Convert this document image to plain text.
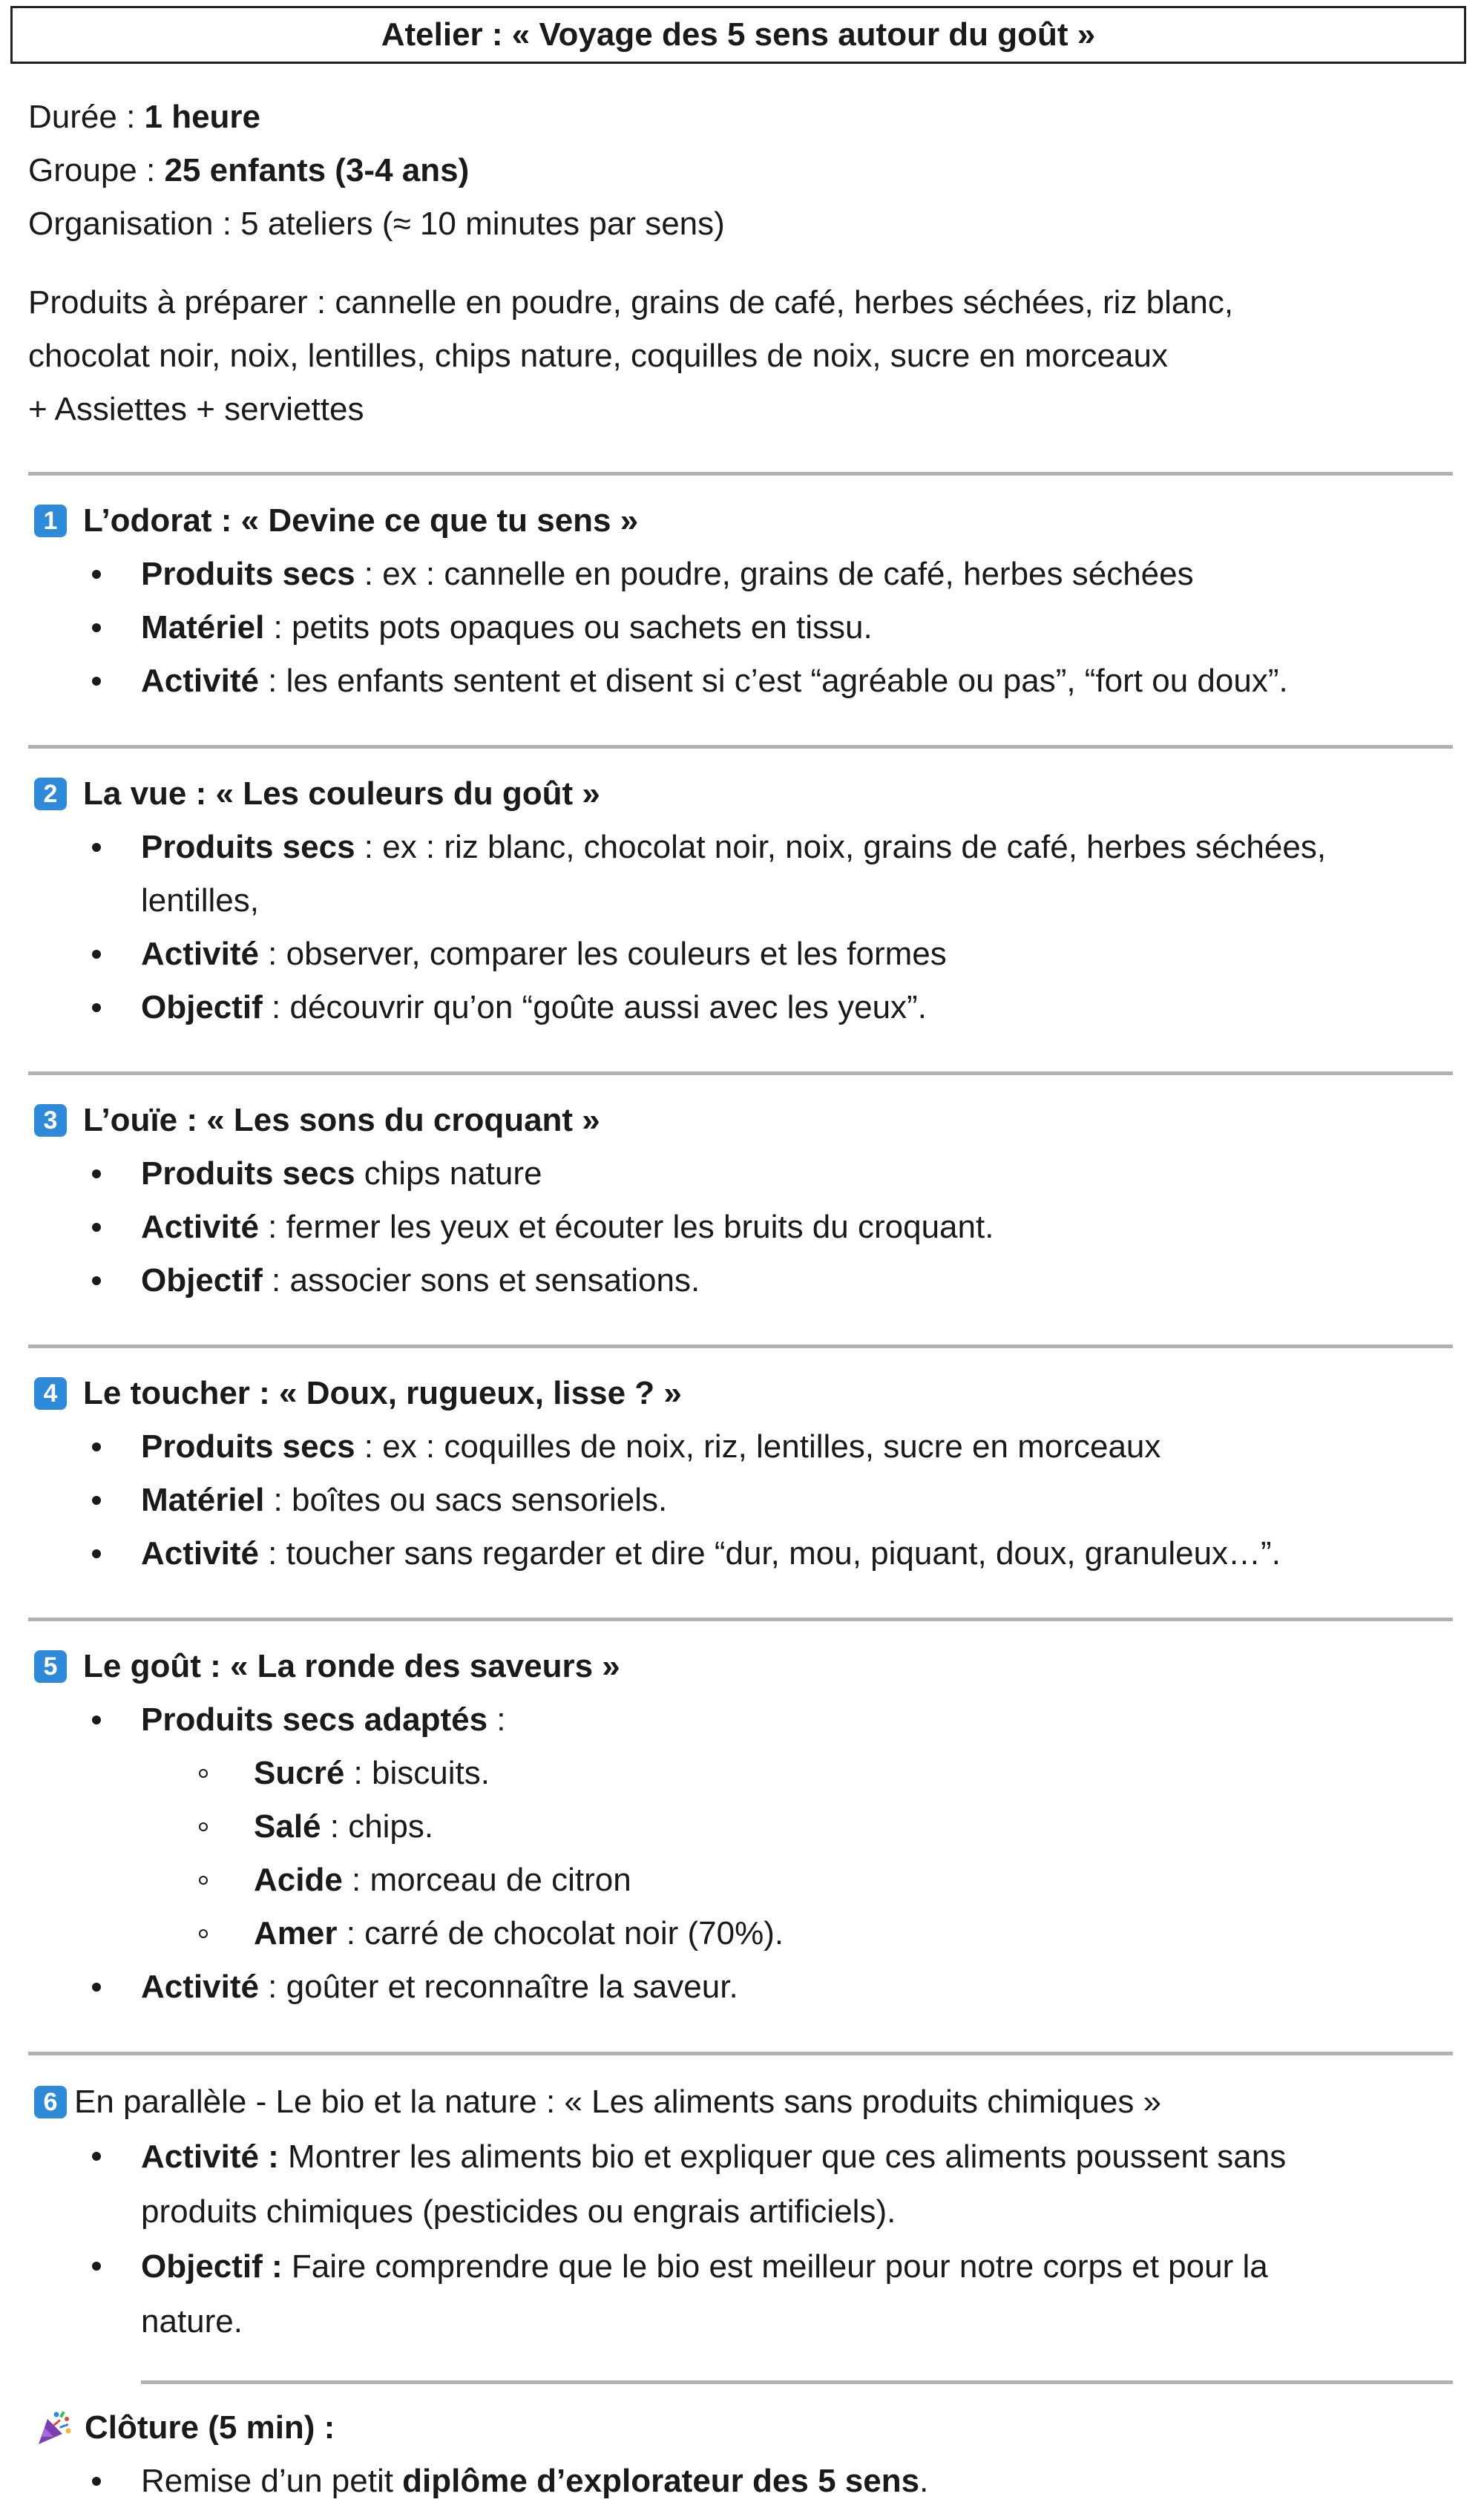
Atelier : « Voyage des 5 sens autour du goût »

Durée : 1 heure

Groupe : 25 enfants (3-4 ans)

Organisation : 5 ateliers (≈ 10 minutes par sens)

Produits à préparer : cannelle en poudre, grains de café, herbes séchées, riz blanc,

chocolat noir, noix, lentilles, chips nature, coquilles de noix, sucre en morceaux

+ Assiettes + serviettes

1 L’odorat : « Devine ce que tu sens »
Produits secs : ex : cannelle en poudre, grains de café, herbes séchées
Matériel : petits pots opaques ou sachets en tissu.
Activité : les enfants sentent et disent si c’est “agréable ou pas”, “fort ou doux”.
2 La vue : « Les couleurs du goût »
Produits secs : ex : riz blanc, chocolat noir, noix, grains de café, herbes séchées,
lentilles,
Activité : observer, comparer les couleurs et les formes
Objectif : découvrir qu’on “goûte aussi avec les yeux”.
3 L’ouïe : « Les sons du croquant »
Produits secs chips nature
Activité : fermer les yeux et écouter les bruits du croquant.
Objectif : associer sons et sensations.
4 Le toucher : « Doux, rugueux, lisse ? »
Produits secs : ex : coquilles de noix, riz, lentilles, sucre en morceaux
Matériel : boîtes ou sacs sensoriels.
Activité : toucher sans regarder et dire “dur, mou, piquant, doux, granuleux…”.
5 Le goût : « La ronde des saveurs »
Produits secs adaptés :
Sucré : biscuits.
Salé : chips.
Acide : morceau de citron
Amer : carré de chocolat noir (70%).
Activité : goûter et reconnaître la saveur.
6 En parallèle - Le bio et la nature : « Les aliments sans produits chimiques »
Activité : Montrer les aliments bio et expliquer que ces aliments poussent sans
produits chimiques (pesticides ou engrais artificiels).
Objectif : Faire comprendre que le bio est meilleur pour notre corps et pour la
nature.
Clôture (5 min) :
Remise d’un petit diplôme d’explorateur des 5 sens.
